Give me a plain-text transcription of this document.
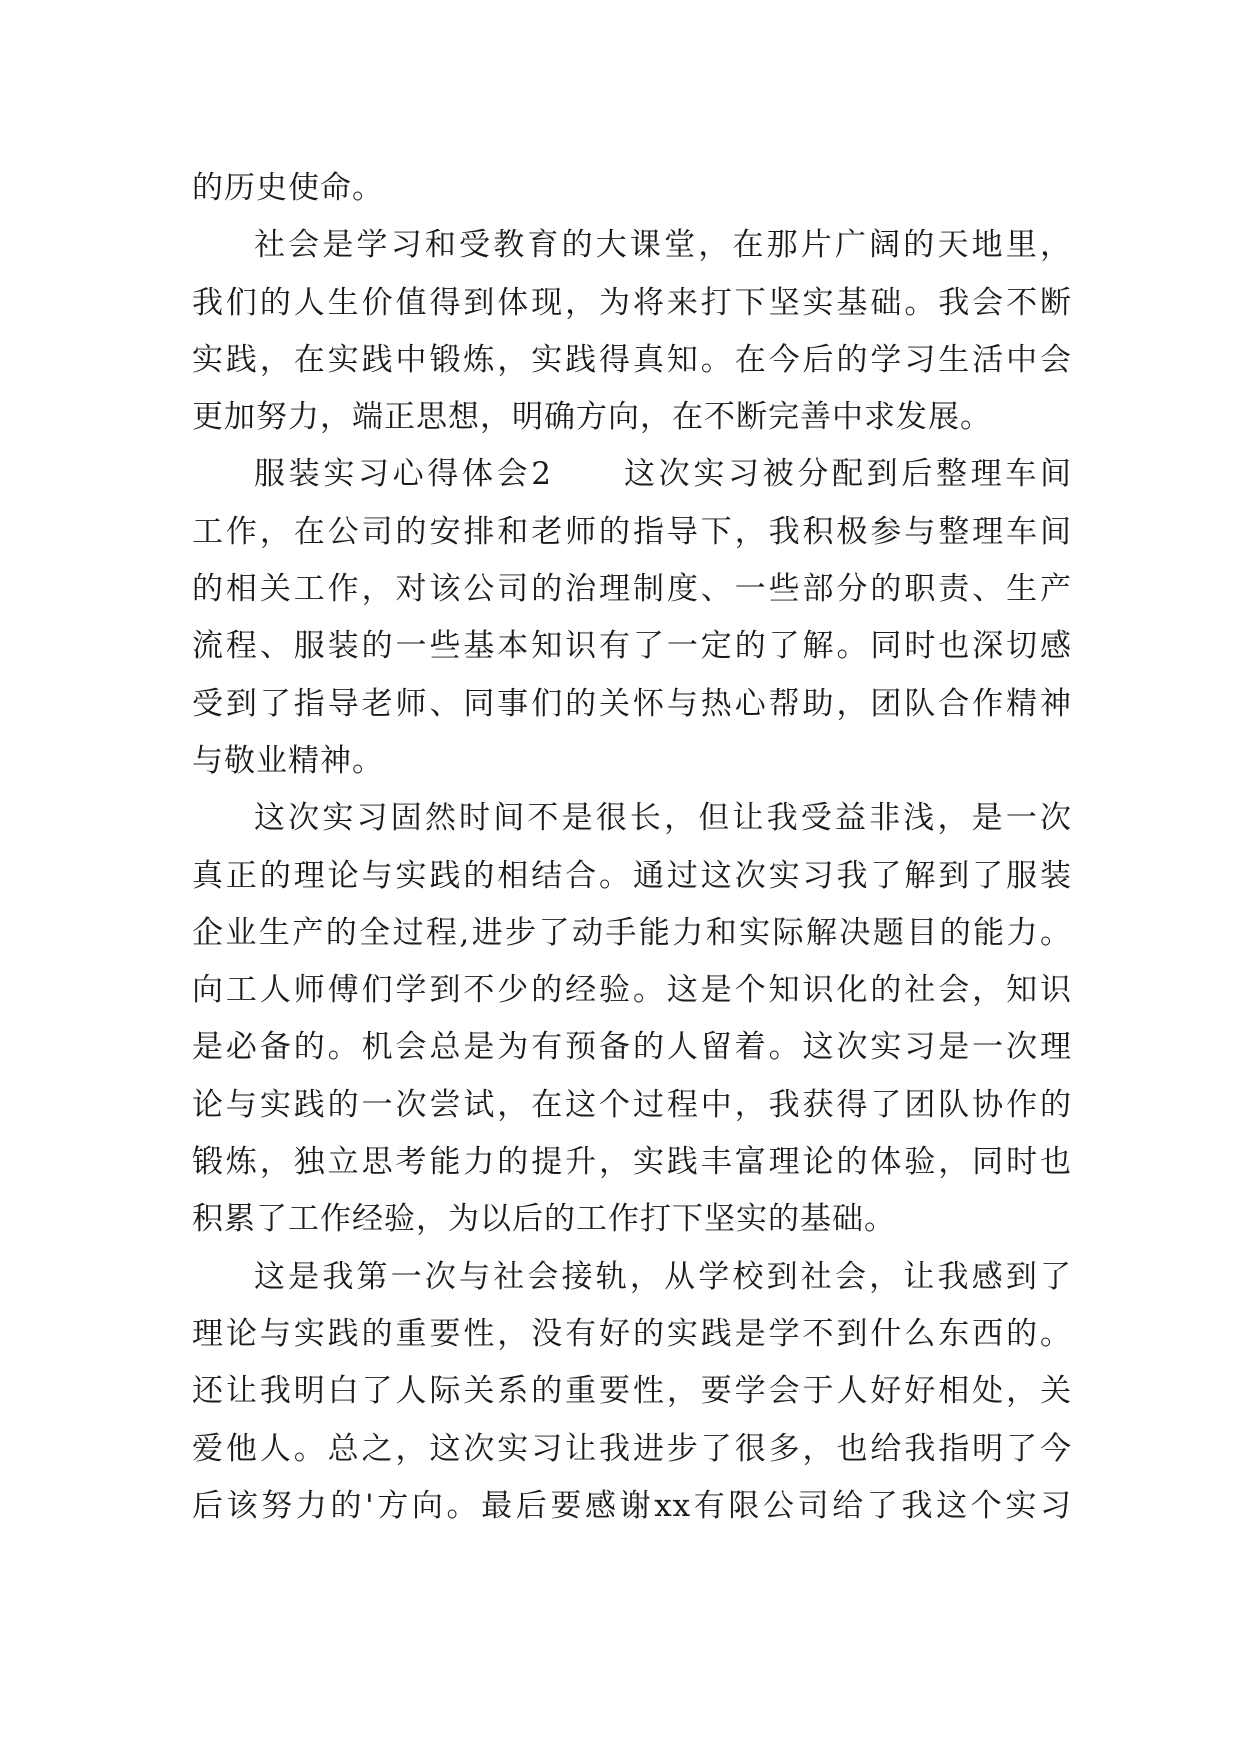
的历史使命。
社会是学习和受教育的大课堂，在那片广阔的天地里，
我们的人生价值得到体现，为将来打下坚实基础。我会不断
实践，在实践中锻炼，实践得真知。在今后的学习生活中会
更加努力，端正思想，明确方向，在不断完善中求发展。
服装实习心得体会2　　这次实习被分配到后整理车间
工作，在公司的安排和老师的指导下，我积极参与整理车间
的相关工作，对该公司的治理制度、一些部分的职责、生产
流程、服装的一些基本知识有了一定的了解。同时也深切感
受到了指导老师、同事们的关怀与热心帮助，团队合作精神
与敬业精神。
这次实习固然时间不是很长，但让我受益非浅，是一次
真正的理论与实践的相结合。通过这次实习我了解到了服装
企业生产的全过程,进步了动手能力和实际解决题目的能力。
向工人师傅们学到不少的经验。这是个知识化的社会，知识
是必备的。机会总是为有预备的人留着。这次实习是一次理
论与实践的一次尝试，在这个过程中，我获得了团队协作的
锻炼，独立思考能力的提升，实践丰富理论的体验，同时也
积累了工作经验，为以后的工作打下坚实的基础。
这是我第一次与社会接轨，从学校到社会，让我感到了
理论与实践的重要性，没有好的实践是学不到什么东西的。
还让我明白了人际关系的重要性，要学会于人好好相处，关
爱他人。总之，这次实习让我进步了很多，也给我指明了今
后该努力的'方向。最后要感谢xx有限公司给了我这个实习
